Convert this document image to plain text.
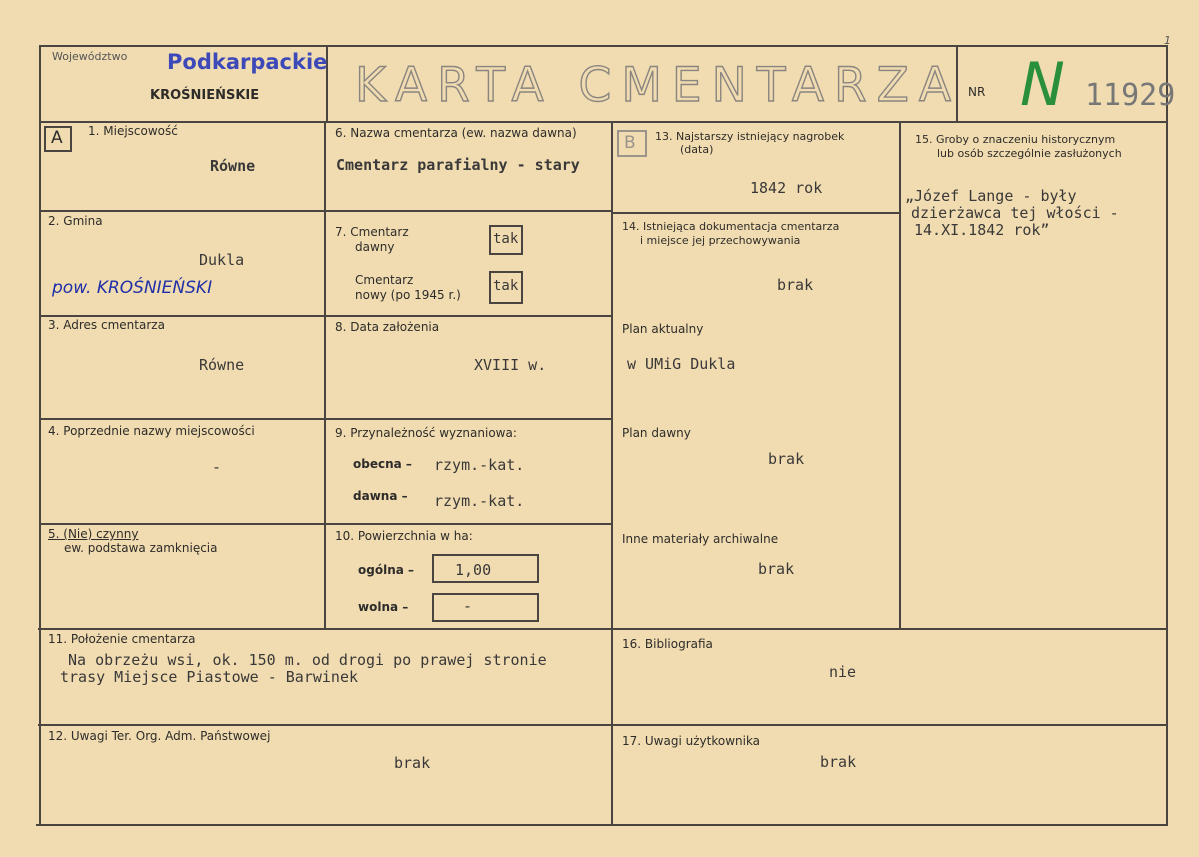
Województwo Podkarpackie
KROŚNIEŃSKIE KARTA CMENTARZA NR N 11929
1
A 1. Miejscowość
Równe
2. Gmina
Dukla
pow. KROŚNIEŃSKI
3. Adres cmentarza
Równe
4. Poprzednie nazwy miejscowości
-
5. (Nie) czynny
ew. podstawa zamknięcia
6. Nazwa cmentarza (ew. nazwa dawna)
Cmentarz parafialny - stary
7. Cmentarz
dawny	tak
Cmentarz
nowy (po 1945 r.)
tak
8. Data założenia
XVIII w.
9. Przynależność wyznaniowa:
obecna – rzym.-kat.
dawna – rzym.-kat.
10. Powierzchnia w ha:
ogólna –	1,00
wolna –	-
B 13. Najstarszy istniejący nagrobek
(data)
1842 rok
14. Istniejąca dokumentacja cmentarza
i miejsce jej przechowywania
brak
Plan aktualny
w UMiG Dukla
Plan dawny
brak
Inne materiały archiwalne
brak
15. Groby o znaczeniu historycznym
lub osób szczególnie zasłużonych
„Józef Lange - były
dzierżawca tej włości -
14.XI.1842 rok”
11. Położenie cmentarza
Na obrzeżu wsi, ok. 150 m. od drogi po prawej stronie
trasy Miejsce Piastowe - Barwinek
16. Bibliografia
nie
12. Uwagi Ter. Org. Adm. Państwowej
brak
17. Uwagi użytkownika
brak
